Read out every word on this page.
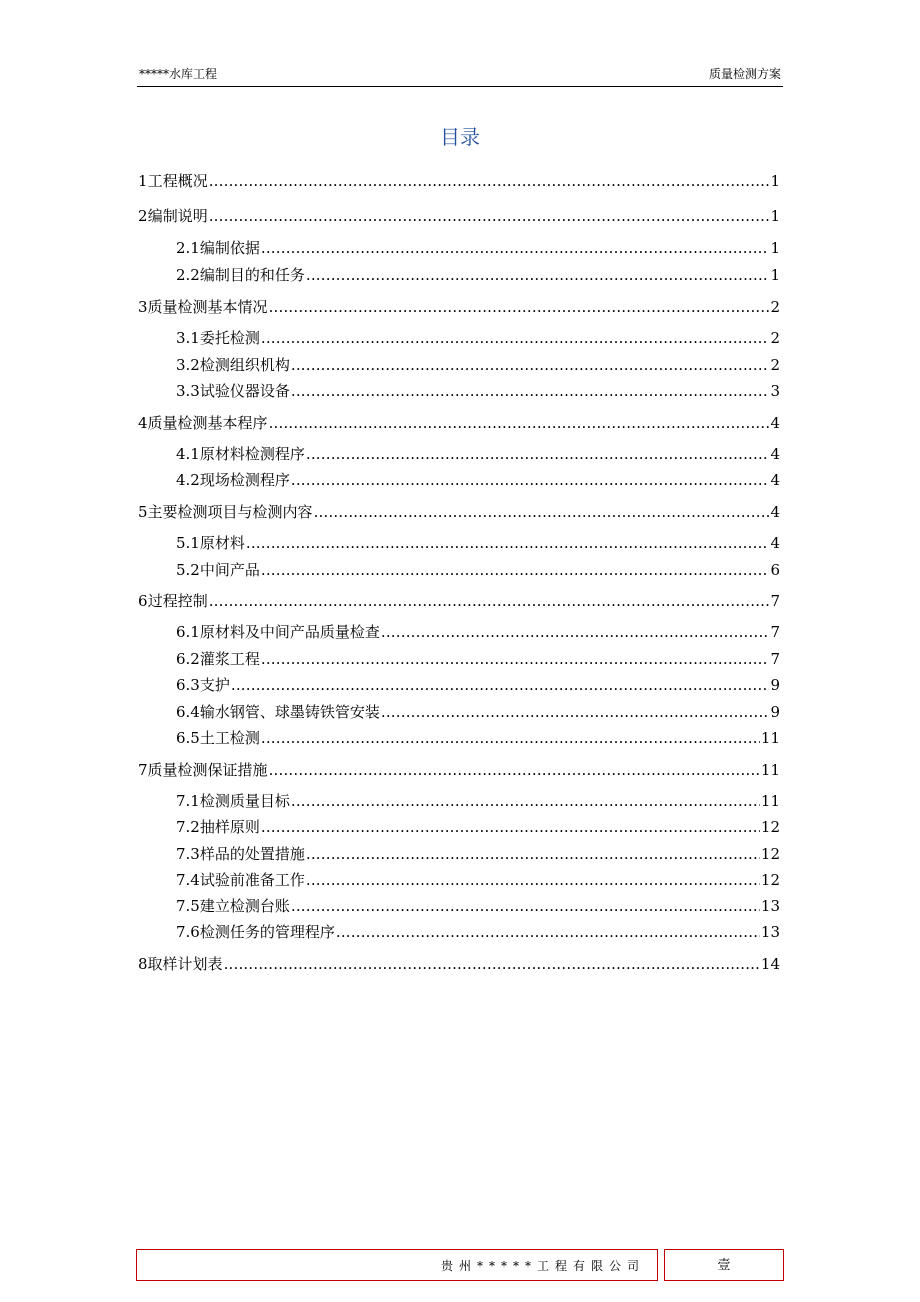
*****水库工程	质量检测方案
目录
1 工程概况 .....	1
2 编制说明 .....	1
2.1 编制依据 .....	1
2.2 编制目的和任务 .....	1
3 质量检测基本情况 .....	2
3.1 委托检测 .....	2
3.2 检测组织机构 .....	2
3.3 试验仪器设备 .....	3
4 质量检测基本程序 .....	4
4.1 原材料检测程序 .....	4
4.2 现场检测程序 .....	4
5 主要检测项目与检测内容 .....	4
5.1 原材料 .....	4
5.2 中间产品 .....	6
6 过程控制 .....	7
6.1 原材料及中间产品质量检查 .....	7
6.2 灌浆工程 .....	7
6.3 支护 .....	9
6.4 输水钢管、球墨铸铁管安装 .....	9
6.5 土工检测 .....	11
7 质量检测保证措施 .....	11
7.1 检测质量目标 .....	11
7.2 抽样原则 .....	12
7.3 样品的处置措施 .....	12
7.4 试验前准备工作 .....	12
7.5 建立检测台账 .....	13
7.6 检测任务的管理程序 .....	13
8 取样计划表 .....	14
贵州*****工程有限公司	壹
